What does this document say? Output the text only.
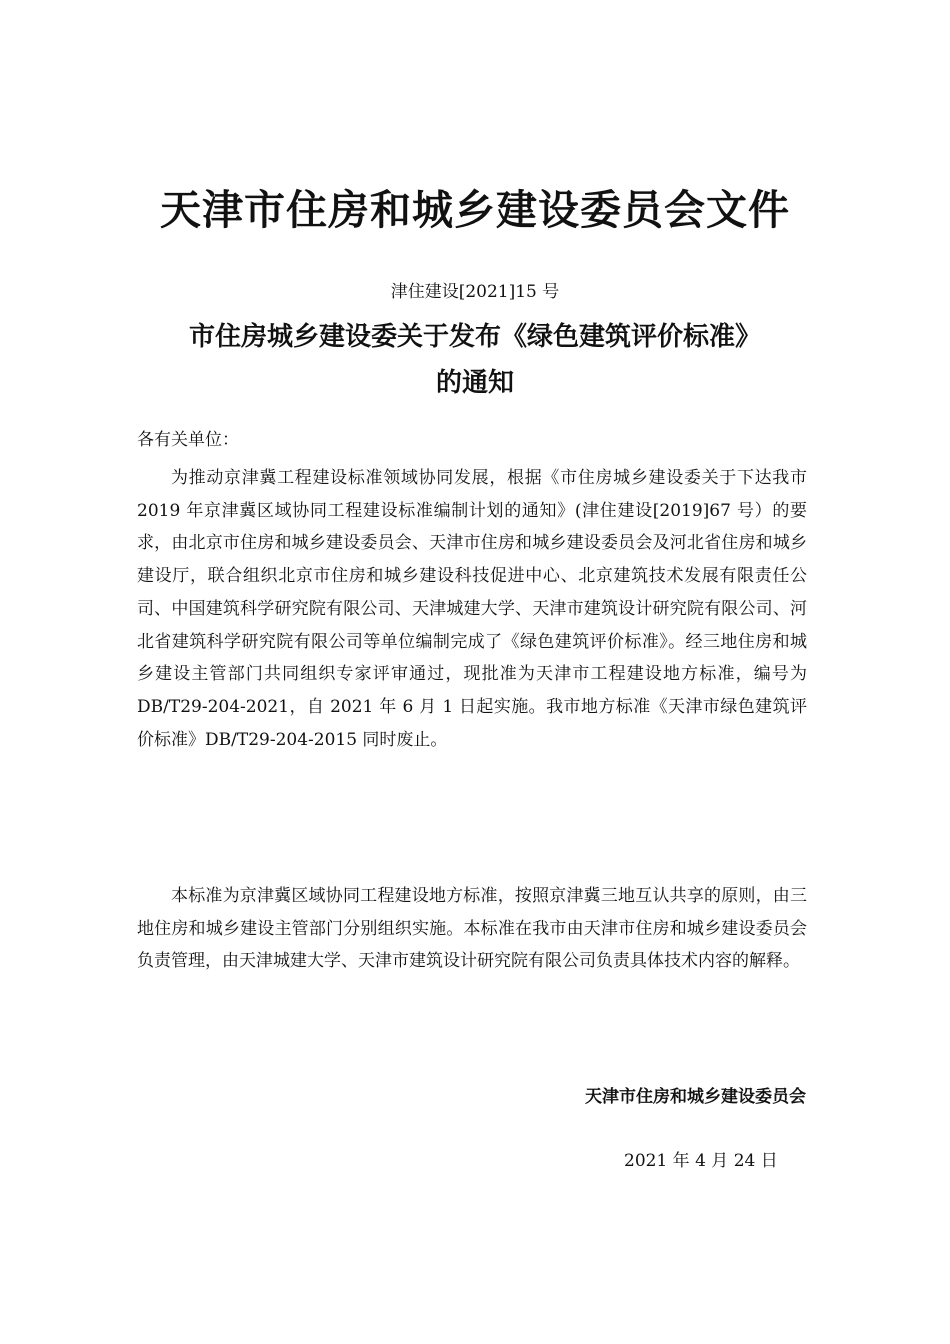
天津市住房和城乡建设委员会文件
津住建设[2021]15 号
市住房城乡建设委关于发布《绿色建筑评价标准》
的通知
各有关单位：

为推动京津冀工程建设标准领域协同发展，根据《市住房城乡建设委关于下达我市 2019 年京津冀区域协同工程建设标准编制计划的通知》(津住建设[2019]67 号）的要求，由北京市住房和城乡建设委员会、天津市住房和城乡建设委员会及河北省住房和城乡建设厅，联合组织北京市住房和城乡建设科技促进中心、北京建筑技术发展有限责任公司、中国建筑科学研究院有限公司、天津城建大学、天津市建筑设计研究院有限公司、河北省建筑科学研究院有限公司等单位编制完成了《绿色建筑评价标准》。经三地住房和城乡建设主管部门共同组织专家评审通过，现批准为天津市工程建设地方标准，编号为 DB/T29-204-2021，自 2021 年 6 月 1 日起实施。我市地方标准《天津市绿色建筑评价标准》DB/T29-204-2015 同时废止。

本标准为京津冀区域协同工程建设地方标准，按照京津冀三地互认共享的原则，由三地住房和城乡建设主管部门分别组织实施。本标准在我市由天津市住房和城乡建设委员会负责管理，由天津城建大学、天津市建筑设计研究院有限公司负责具体技术内容的解释。

天津市住房和城乡建设委员会
2021 年 4 月 24 日
